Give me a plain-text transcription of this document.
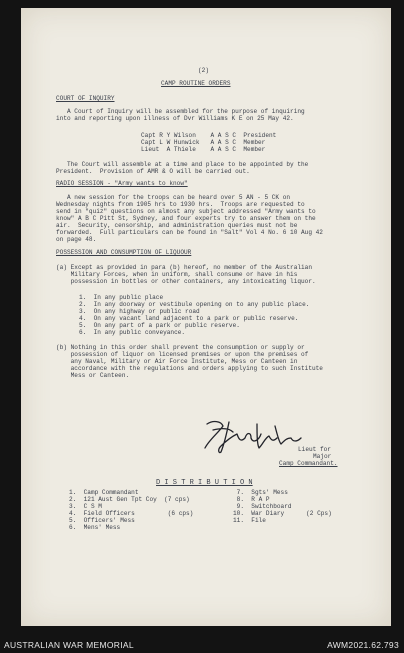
(2)
CAMP ROUTINE ORDERS
COURT OF INQUIRY
A Court of Inquiry will be assembled for the purpose of inquiring
into and reporting upon illness of Dvr Williams K E on 25 May 42.
Capt R Y Wilson    A A S C  President
Capt L W Hunwick   A A S C  Member
Lieut  A Thiele    A A S C  Member
The Court will assemble at a time and place to be appointed by the
President.  Provision of AMR & O will be carried out.
RADIO SESSION - "Army wants to know"
A new session for the troops can be heard over 5 AN - 5 CK on
Wednesday nights from 1905 hrs to 1930 hrs.  Troops are requested to
send in "quiz" questions on almost any subject addressed "Army wants to
know" A B C Pitt St, Sydney, and four experts try to answer them on the
air.  Security, censorship, and administration queries must not be
forwarded.  Full particulars can be found in "Salt" Vol 4 No. 6 10 Aug 42
on page 48.
POSSESSION AND CONSUMPTION OF LIQUOUR
(a) Except as provided in para (b) hereof, no member of the Australian
Military Forces, when in uniform, shall consume or have in his
possession in bottles or other containers, any intoxicating liquor.
1.  In any public place
2.  In any doorway or vestibule opening on to any public place.
3.  On any highway or public road
4.  On any vacant land adjacent to a park or public reserve.
5.  On any part of a park or public reserve.
6.  In any public conveyance.
(b) Nothing in this order shall prevent the consumption or supply or
possession of liquor on licensed premises or upon the premises of
any Naval, Military or Air Force Institute, Mess or Canteen in
accordance with the regulations and orders applying to such Institute
Mess or Canteen.
Lieut for
Major
Camp Commandant.
D I S T R I B U T I O N
1.  Camp Commandant
2.  121 Aust Gen Tpt Coy  (7 cps)
3.  C S M
4.  Field Officers         (6 cps)
5.  Officers' Mess
6.  Mens' Mess
7.  Sgts' Mess
8.  R A P
9.  Switchboard
10.  War Diary      (2 Cps)
11.  File
AUSTRALIAN WAR MEMORIAL	AWM2021.62.793
